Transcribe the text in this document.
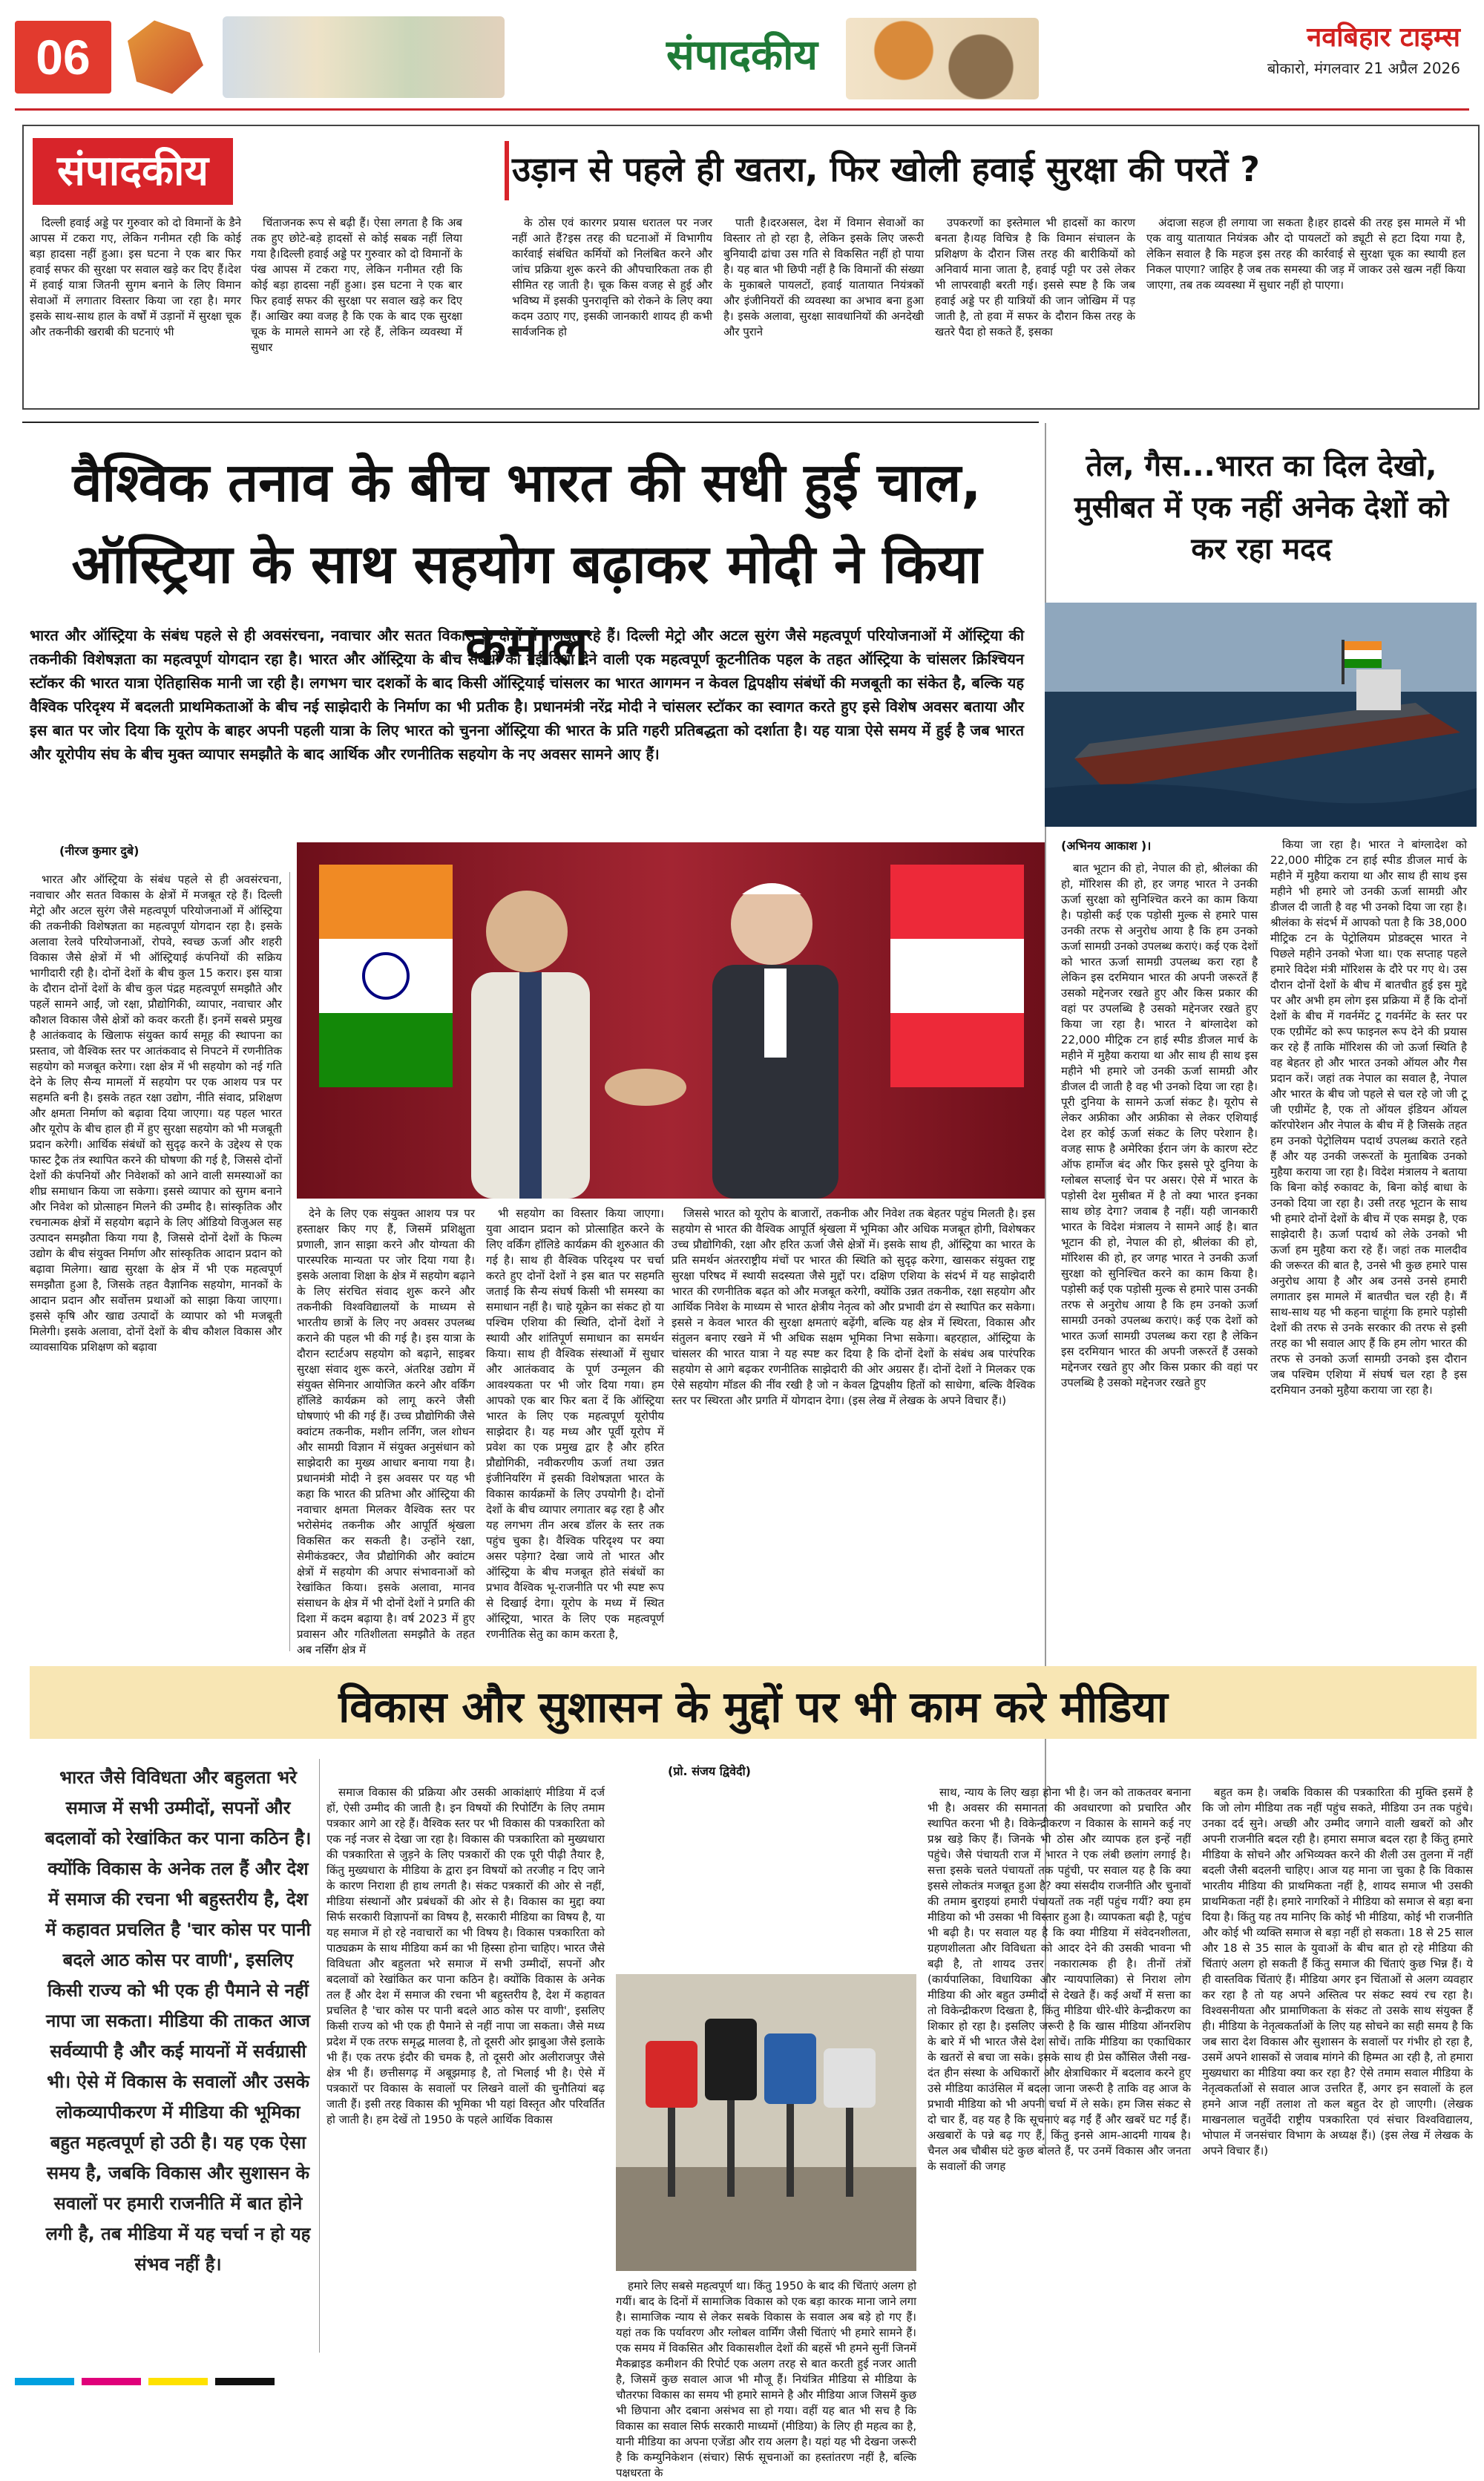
06	संपादकीय	नवबिहार टाइम्स
बोकारो, मंगलवार 21 अप्रैल 2026
संपादकीय	उड़ान से पहले ही खतरा, फिर खोली हवाई सुरक्षा की परतें ?

दिल्ली हवाई अड्डे पर गुरुवार को दो विमानों के डैने आपस में टकरा गए, लेकिन गनीमत रही कि कोई बड़ा हादसा नहीं हुआ। इस घटना ने एक बार फिर हवाई सफर की सुरक्षा पर सवाल खड़े कर दिए हैं।देश में हवाई यात्रा जितनी सुगम बनाने के लिए विमान सेवाओं में लगातार विस्तार किया जा रहा है। मगर इसके साथ-साथ हाल के वर्षों में उड़ानों में सुरक्षा चूक और तकनीकी खराबी की घटनाएं भी

चिंताजनक रूप से बढ़ी हैं। ऐसा लगता है कि अब तक हुए छोटे-बड़े हादसों से कोई सबक नहीं लिया गया है।दिल्ली हवाई अड्डे पर गुरुवार को दो विमानों के पंख आपस में टकरा गए, लेकिन गनीमत रही कि कोई बड़ा हादसा नहीं हुआ। इस घटना ने एक बार फिर हवाई सफर की सुरक्षा पर सवाल खड़े कर दिए हैं। आखिर क्या वजह है कि एक के बाद एक सुरक्षा चूक के मामले सामने आ रहे हैं, लेकिन व्यवस्था में सुधार

के ठोस एवं कारगर प्रयास धरातल पर नजर नहीं आते हैं?इस तरह की घटनाओं में विभागीय कार्रवाई संबंधित कर्मियों को निलंबित करने और जांच प्रक्रिया शुरू करने की औपचारिकता तक ही सीमित रह जाती है। चूक किस वजह से हुई और भविष्य में इसकी पुनरावृत्ति को रोकने के लिए क्या कदम उठाए गए, इसकी जानकारी शायद ही कभी सार्वजनिक हो

पाती है।दरअसल, देश में विमान सेवाओं का विस्तार तो हो रहा है, लेकिन इसके लिए जरूरी बुनियादी ढांचा उस गति से विकसित नहीं हो पाया है। यह बात भी छिपी नहीं है कि विमानों की संख्या के मुकाबले पायलटों, हवाई यातायात नियंत्रकों और इंजीनियरों की व्यवस्था का अभाव बना हुआ है। इसके अलावा, सुरक्षा सावधानियों की अनदेखी और पुराने

उपकरणों का इस्तेमाल भी हादसों का कारण बनता है।यह विचित्र है कि विमान संचालन के प्रशिक्षण के दौरान जिस तरह की बारीकियों को अनिवार्य माना जाता है, हवाई पट्टी पर उसे लेकर भी लापरवाही बरती गई। इससे स्पष्ट है कि जब हवाई अड्डे पर ही यात्रियों की जान जोखिम में पड़ जाती है, तो हवा में सफर के दौरान किस तरह के खतरे पैदा हो सकते हैं, इसका

अंदाजा सहज ही लगाया जा सकता है।हर हादसे की तरह इस मामले में भी एक वायु यातायात नियंत्रक और दो पायलटों को ड्यूटी से हटा दिया गया है, लेकिन सवाल है कि महज इस तरह की कार्रवाई से सुरक्षा चूक का स्थायी हल निकल पाएगा? जाहिर है जब तक समस्या की जड़ में जाकर उसे खत्म नहीं किया जाएगा, तब तक व्यवस्था में सुधार नहीं हो पाएगा।

वैश्विक तनाव के बीच भारत की सधी हुई चाल, ऑस्ट्रिया के साथ सहयोग बढ़ाकर मोदी ने किया कमाल
भारत और ऑस्ट्रिया के संबंध पहले से ही अवसंरचना, नवाचार और सतत विकास के क्षेत्रों में मजबूत रहे हैं। दिल्ली मेट्रो और अटल सुरंग जैसे महत्वपूर्ण परियोजनाओं में ऑस्ट्रिया की तकनीकी विशेषज्ञता का महत्वपूर्ण योगदान रहा है। भारत और ऑस्ट्रिया के बीच संबंधों को नई दिशा देने वाली एक महत्वपूर्ण कूटनीतिक पहल के तहत ऑस्ट्रिया के चांसलर क्रिश्चियन स्टॉकर की भारत यात्रा ऐतिहासिक मानी जा रही है। लगभग चार दशकों के बाद किसी ऑस्ट्रियाई चांसलर का भारत आगमन न केवल द्विपक्षीय संबंधों की मजबूती का संकेत है, बल्कि यह वैश्विक परिदृश्य में बदलती प्राथमिकताओं के बीच नई साझेदारी के निर्माण का भी प्रतीक है। प्रधानमंत्री नरेंद्र मोदी ने चांसलर स्टॉकर का स्वागत करते हुए इसे विशेष अवसर बताया और इस बात पर जोर दिया कि यूरोप के बाहर अपनी पहली यात्रा के लिए भारत को चुनना ऑस्ट्रिया की भारत के प्रति गहरी प्रतिबद्धता को दर्शाता है। यह यात्रा ऐसे समय में हुई है जब भारत और यूरोपीय संघ के बीच मुक्त व्यापार समझौते के बाद आर्थिक और रणनीतिक सहयोग के नए अवसर सामने आए हैं।
(नीरज कुमार दुबे)

भारत और ऑस्ट्रिया के संबंध पहले से ही अवसंरचना, नवाचार और सतत विकास के क्षेत्रों में मजबूत रहे हैं। दिल्ली मेट्रो और अटल सुरंग जैसे महत्वपूर्ण परियोजनाओं में ऑस्ट्रिया की तकनीकी विशेषज्ञता का महत्वपूर्ण योगदान रहा है। इसके अलावा रेलवे परियोजनाओं, रोपवे, स्वच्छ ऊर्जा और शहरी विकास जैसे क्षेत्रों में भी ऑस्ट्रियाई कंपनियों की सक्रिय भागीदारी रही है। दोनों देशों के बीच कुल 15 करार। इस यात्रा के दौरान दोनों देशों के बीच कुल पंद्रह महत्वपूर्ण समझौते और पहलें सामने आईं, जो रक्षा, प्रौद्योगिकी, व्यापार, नवाचार और कौशल विकास जैसे क्षेत्रों को कवर करती हैं। इनमें सबसे प्रमुख है आतंकवाद के खिलाफ संयुक्त कार्य समूह की स्थापना का प्रस्ताव, जो वैश्विक स्तर पर आतंकवाद से निपटने में रणनीतिक सहयोग को मजबूत करेगा। रक्षा क्षेत्र में भी सहयोग को नई गति देने के लिए सैन्य मामलों में सहयोग पर एक आशय पत्र पर सहमति बनी है। इसके तहत रक्षा उद्योग, नीति संवाद, प्रशिक्षण और क्षमता निर्माण को बढ़ावा दिया जाएगा। यह पहल भारत और यूरोप के बीच हाल ही में हुए सुरक्षा सहयोग को भी मजबूती प्रदान करेगी। आर्थिक संबंधों को सुदृढ़ करने के उद्देश्य से एक फास्ट ट्रैक तंत्र स्थापित करने की घोषणा की गई है, जिससे दोनों देशों की कंपनियों और निवेशकों को आने वाली समस्याओं का शीघ्र समाधान किया जा सकेगा। इससे व्यापार को सुगम बनाने और निवेश को प्रोत्साहन मिलने की उम्मीद है। सांस्कृतिक और रचनात्मक क्षेत्रों में सहयोग बढ़ाने के लिए ऑडियो विजुअल सह उत्पादन समझौता किया गया है, जिससे दोनों देशों के फिल्म उद्योग के बीच संयुक्त निर्माण और सांस्कृतिक आदान प्रदान को बढ़ावा मिलेगा। खाद्य सुरक्षा के क्षेत्र में भी एक महत्वपूर्ण समझौता हुआ है, जिसके तहत वैज्ञानिक सहयोग, मानकों के आदान प्रदान और सर्वोत्तम प्रथाओं को साझा किया जाएगा। इससे कृषि और खाद्य उत्पादों के व्यापार को भी मजबूती मिलेगी। इसके अलावा, दोनों देशों के बीच कौशल विकास और व्यावसायिक प्रशिक्षण को बढ़ावा

देने के लिए एक संयुक्त आशय पत्र पर हस्ताक्षर किए गए हैं, जिसमें प्रशिक्षुता प्रणाली, ज्ञान साझा करने और योग्यता की पारस्परिक मान्यता पर जोर दिया गया है। इसके अलावा शिक्षा के क्षेत्र में सहयोग बढ़ाने के लिए संरचित संवाद शुरू करने और तकनीकी विश्वविद्यालयों के माध्यम से भारतीय छात्रों के लिए नए अवसर उपलब्ध कराने की पहल भी की गई है। इस यात्रा के दौरान स्टार्टअप सहयोग को बढ़ाने, साइबर सुरक्षा संवाद शुरू करने, अंतरिक्ष उद्योग में संयुक्त सेमिनार आयोजित करने और वर्किंग हॉलिडे कार्यक्रम को लागू करने जैसी घोषणाएं भी की गई हैं। उच्च प्रौद्योगिकी जैसे क्वांटम तकनीक, मशीन लर्निंग, जल शोधन और सामग्री विज्ञान में संयुक्त अनुसंधान को साझेदारी का मुख्य आधार बनाया गया है। प्रधानमंत्री मोदी ने इस अवसर पर यह भी कहा कि भारत की प्रतिभा और ऑस्ट्रिया की नवाचार क्षमता मिलकर वैश्विक स्तर पर भरोसेमंद तकनीक और आपूर्ति श्रृंखला विकसित कर सकती है। उन्होंने रक्षा, सेमीकंडक्टर, जैव प्रौद्योगिकी और क्वांटम क्षेत्रों में सहयोग की अपार संभावनाओं को रेखांकित किया। इसके अलावा, मानव संसाधन के क्षेत्र में भी दोनों देशों ने प्रगति की दिशा में कदम बढ़ाया है। वर्ष 2023 में हुए प्रवासन और गतिशीलता समझौते के तहत अब नर्सिंग क्षेत्र में

भी सहयोग का विस्तार किया जाएगा। युवा आदान प्रदान को प्रोत्साहित करने के लिए वर्किंग हॉलिडे कार्यक्रम की शुरुआत की गई है। साथ ही वैश्विक परिदृश्य पर चर्चा करते हुए दोनों देशों ने इस बात पर सहमति जताई कि सैन्य संघर्ष किसी भी समस्या का समाधान नहीं है। चाहे यूक्रेन का संकट हो या पश्चिम एशिया की स्थिति, दोनों देशों ने स्थायी और शांतिपूर्ण समाधान का समर्थन किया। साथ ही वैश्विक संस्थाओं में सुधार और आतंकवाद के पूर्ण उन्मूलन की आवश्यकता पर भी जोर दिया गया। हम आपको एक बार फिर बता दें कि ऑस्ट्रिया भारत के लिए एक महत्वपूर्ण यूरोपीय साझेदार है। यह मध्य और पूर्वी यूरोप में प्रवेश का एक प्रमुख द्वार है और हरित प्रौद्योगिकी, नवीकरणीय ऊर्जा तथा उन्नत इंजीनियरिंग में इसकी विशेषज्ञता भारत के विकास कार्यक्रमों के लिए उपयोगी है। दोनों देशों के बीच व्यापार लगातार बढ़ रहा है और यह लगभग तीन अरब डॉलर के स्तर तक पहुंच चुका है। वैश्विक परिदृश्य पर क्या असर पड़ेगा? देखा जाये तो भारत और ऑस्ट्रिया के बीच मजबूत होते संबंधों का प्रभाव वैश्विक भू-राजनीति पर भी स्पष्ट रूप से दिखाई देगा। यूरोप के मध्य में स्थित ऑस्ट्रिया, भारत के लिए एक महत्वपूर्ण रणनीतिक सेतु का काम करता है,

जिससे भारत को यूरोप के बाजारों, तकनीक और निवेश तक बेहतर पहुंच मिलती है। इस सहयोग से भारत की वैश्विक आपूर्ति श्रृंखला में भूमिका और अधिक मजबूत होगी, विशेषकर उच्च प्रौद्योगिकी, रक्षा और हरित ऊर्जा जैसे क्षेत्रों में। इसके साथ ही, ऑस्ट्रिया का भारत के प्रति समर्थन अंतरराष्ट्रीय मंचों पर भारत की स्थिति को सुदृढ़ करेगा, खासकर संयुक्त राष्ट्र सुरक्षा परिषद में स्थायी सदस्यता जैसे मुद्दों पर। दक्षिण एशिया के संदर्भ में यह साझेदारी भारत की रणनीतिक बढ़त को और मजबूत करेगी, क्योंकि उन्नत तकनीक, रक्षा सहयोग और आर्थिक निवेश के माध्यम से भारत क्षेत्रीय नेतृत्व को और प्रभावी ढंग से स्थापित कर सकेगा। इससे न केवल भारत की सुरक्षा क्षमताएं बढ़ेंगी, बल्कि यह क्षेत्र में स्थिरता, विकास और संतुलन बनाए रखने में भी अधिक सक्षम भूमिका निभा सकेगा। बहरहाल, ऑस्ट्रिया के चांसलर की भारत यात्रा ने यह स्पष्ट कर दिया है कि दोनों देशों के संबंध अब पारंपरिक सहयोग से आगे बढ़कर रणनीतिक साझेदारी की ओर अग्रसर हैं। दोनों देशों ने मिलकर एक ऐसे सहयोग मॉडल की नींव रखी है जो न केवल द्विपक्षीय हितों को साधेगा, बल्कि वैश्विक स्तर पर स्थिरता और प्रगति में योगदान देगा। (इस लेख में लेखक के अपने विचार हैं।)

तेल, गैस...भारत का दिल देखो, मुसीबत में एक नहीं अनेक देशों को कर रहा मदद
(अभिनय आकाश )।

बात भूटान की हो, नेपाल की हो, श्रीलंका की हो, मॉरिशस की हो, हर जगह भारत ने उनकी ऊर्जा सुरक्षा को सुनिश्चित करने का काम किया है। पड़ोसी कई एक पड़ोसी मुल्क से हमारे पास उनकी तरफ से अनुरोध आया है कि हम उनको ऊर्जा सामग्री उनको उपलब्ध कराएं। कई एक देशों को भारत ऊर्जा सामग्री उपलब्ध करा रहा है लेकिन इस दरमियान भारत की अपनी जरूरतें हैं उसको मद्देनजर रखते हुए और किस प्रकार की वहां पर उपलब्धि है उसको मद्देनजर रखते हुए किया जा रहा है। भारत ने बांग्लादेश को 22,000 मीट्रिक टन हाई स्पीड डीजल मार्च के महीने में मुहैया कराया था और साथ ही साथ इस महीने भी हमारे जो उनकी ऊर्जा सामग्री और डीजल दी जाती है वह भी उनको दिया जा रहा है। पूरी दुनिया के सामने ऊर्जा संकट है। यूरोप से लेकर अफ्रीका और अफ्रीका से लेकर एशियाई देश हर कोई ऊर्जा संकट के लिए परेशान है। वजह साफ है अमेरिका ईरान जंग के कारण स्टेट ऑफ हार्मोज बंद और फिर इससे पूरे दुनिया के ग्लोबल सप्लाई चेन पर असर। ऐसे में भारत के पड़ोसी देश मुसीबत में है तो क्या भारत इनका साथ छोड़ देगा? जवाब है नहीं। यही जानकारी भारत के विदेश मंत्रालय ने सामने आई है। बात भूटान की हो, नेपाल की हो, श्रीलंका की हो, मॉरिशस की हो, हर जगह भारत ने उनकी ऊर्जा सुरक्षा को सुनिश्चित करने का काम किया है। पड़ोसी कई एक पड़ोसी मुल्क से हमारे पास उनकी तरफ से अनुरोध आया है कि हम उनको ऊर्जा सामग्री उनको उपलब्ध कराएं। कई एक देशों को भारत ऊर्जा सामग्री उपलब्ध करा रहा है लेकिन इस दरमियान भारत की अपनी जरूरतें हैं उसको मद्देनजर रखते हुए और किस प्रकार की वहां पर उपलब्धि है उसको मद्देनजर रखते हुए

किया जा रहा है। भारत ने बांग्लादेश को 22,000 मीट्रिक टन हाई स्पीड डीजल मार्च के महीने में मुहैया कराया था और साथ ही साथ इस महीने भी हमारे जो उनकी ऊर्जा सामग्री और डीजल दी जाती है वह भी उनको दिया जा रहा है। श्रीलंका के संदर्भ में आपको पता है कि 38,000 मीट्रिक टन के पेट्रोलियम प्रोडक्ट्स भारत ने पिछले महीने उनको भेजा था। एक सप्ताह पहले हमारे विदेश मंत्री मॉरिशस के दौरे पर गए थे। उस दौरान दोनों देशों के बीच में बातचीत हुई इस मुद्दे पर और अभी हम लोग इस प्रक्रिया में हैं कि दोनों देशों के बीच में गवर्नमेंट टू गवर्नमेंट के स्तर पर एक एग्रीमेंट को रूप फाइनल रूप देने की प्रयास कर रहे हैं ताकि मॉरिशस की जो ऊर्जा स्थिति है वह बेहतर हो और भारत उनको ऑयल और गैस प्रदान करें। जहां तक नेपाल का सवाल है, नेपाल और भारत के बीच जो पहले से चल रहे जो जी टू जी एग्रीमेंट है, एक तो ऑयल इंडियन ऑयल कॉरपोरेशन और नेपाल के बीच में है जिसके तहत हम उनको पेट्रोलियम पदार्थ उपलब्ध कराते रहते हैं और यह उनकी जरूरतों के मुताबिक उनको मुहैया कराया जा रहा है। विदेश मंत्रालय ने बताया कि बिना कोई रुकावट के, बिना कोई बाधा के उनको दिया जा रहा है। उसी तरह भूटान के साथ भी हमारे दोनों देशों के बीच में एक समझ है, एक साझेदारी है। ऊर्जा पदार्थ को लेके उनको भी ऊर्जा हम मुहैया करा रहे हैं। जहां तक मालदीव की जरूरत की बात है, उनसे भी कुछ हमारे पास अनुरोध आया है और अब उनसे उनसे हमारी लगातार इस मामले में बातचीत चल रही है। मैं साथ-साथ यह भी कहना चाहूंगा कि हमारे पड़ोसी देशों की तरफ से उनके सरकार की तरफ से इसी तरह का भी सवाल आए हैं कि हम लोग भारत की तरफ से उनको ऊर्जा सामग्री उनको इस दौरान जब पश्चिम एशिया में संघर्ष चल रहा है इस दरमियान उनको मुहैया कराया जा रहा है।

विकास और सुशासन के मुद्दों पर भी काम करे मीडिया
भारत जैसे विविधता और बहुलता भरे समाज में सभी उम्मीदों, सपनों और बदलावों को रेखांकित कर पाना कठिन है। क्योंकि विकास के अनेक तल हैं और देश में समाज की रचना भी बहुस्तरीय है, देश में कहावत प्रचलित है 'चार कोस पर पानी बदले आठ कोस पर वाणी', इसलिए किसी राज्य को भी एक ही पैमाने से नहीं नापा जा सकता। मीडिया की ताकत आज सर्वव्यापी है और कई मायनों में सर्वग्रासी भी। ऐसे में विकास के सवालों और उसके लोकव्यापीकरण में मीडिया की भूमिका बहुत महत्वपूर्ण हो उठी है। यह एक ऐसा समय है, जबकि विकास और सुशासन के सवालों पर हमारी राजनीति में बात होने लगी है, तब मीडिया में यह चर्चा न हो यह संभव नहीं है।
(प्रो. संजय द्विवेदी)

समाज विकास की प्रक्रिया और उसकी आकांक्षाएं मीडिया में दर्ज हों, ऐसी उम्मीद की जाती है। इन विषयों की रिपोर्टिंग के लिए तमाम पत्रकार आगे आ रहे हैं। वैश्विक स्तर पर भी विकास की पत्रकारिता को एक नई नजर से देखा जा रहा है। विकास की पत्रकारिता को मुख्यधारा की पत्रकारिता से जुड़ने के लिए पत्रकारों की एक पूरी पीढ़ी तैयार है, किंतु मुख्यधारा के मीडिया के द्वारा इन विषयों को तरजीह न दिए जाने के कारण निराशा ही हाथ लगती है। संकट पत्रकारों की ओर से नहीं, मीडिया संस्थानों और प्रबंधकों की ओर से है। विकास का मुद्दा क्या सिर्फ सरकारी विज्ञापनों का विषय है, सरकारी मीडिया का विषय है, या यह समाज में हो रहे नवाचारों का भी विषय है। विकास पत्रकारिता को पाठ्यक्रम के साथ मीडिया कर्म का भी हिस्सा होना चाहिए। भारत जैसे विविधता और बहुलता भरे समाज में सभी उम्मीदों, सपनों और बदलावों को रेखांकित कर पाना कठिन है। क्योंकि विकास के अनेक तल हैं और देश में समाज की रचना भी बहुस्तरीय है, देश में कहावत प्रचलित है 'चार कोस पर पानी बदले आठ कोस पर वाणी', इसलिए किसी राज्य को भी एक ही पैमाने से नहीं नापा जा सकता। जैसे मध्य प्रदेश में एक तरफ समृद्ध मालवा है, तो दूसरी ओर झाबुआ जैसे इलाके भी हैं। एक तरफ इंदौर की चमक है, तो दूसरी ओर अलीराजपुर जैसे क्षेत्र भी हैं। छत्तीसगढ़ में अबूझमाड़ है, तो भिलाई भी है। ऐसे में पत्रकारों पर विकास के सवालों पर लिखने वालों की चुनौतियां बढ़ जाती हैं। इसी तरह विकास की भूमिका भी यहां विस्तृत और परिवर्तित हो जाती है। हम देखें तो 1950 के पहले आर्थिक विकास

हमारे लिए सबसे महत्वपूर्ण था। किंतु 1950 के बाद की चिंताएं अलग हो गयीं। बाद के दिनों में सामाजिक विकास को एक बड़ा कारक माना जाने लगा है। सामाजिक न्याय से लेकर सबके विकास के सवाल अब बड़े हो गए हैं। यहां तक कि पर्यावरण और ग्लोबल वार्मिंग जैसी चिंताएं भी हमारे सामने हैं। एक समय में विकसित और विकासशील देशों की बहसें भी हमने सुनीं जिनमें मैकब्राइड कमीशन की रिपोर्ट एक अलग तरह से बात करती हुई नजर आती है, जिसमें कुछ सवाल आज भी मौजू हैं। नियंत्रित मीडिया से मीडिया के चौतरफा विकास का समय भी हमारे सामने है और मीडिया आज जिसमें कुछ भी छिपाना और दबाना असंभव सा हो गया। वहीं यह बात भी सच है कि विकास का सवाल सिर्फ सरकारी माध्यमों (मीडिया) के लिए ही महत्व का है, यानी मीडिया का अपना एजेंडा और राय अलग है। यहां यह भी देखना जरूरी है कि कम्युनिकेशन (संचार) सिर्फ सूचनाओं का हस्तांतरण नहीं है, बल्कि पक्षधरता के

साथ, न्याय के लिए खड़ा होना भी है। जन को ताकतवर बनाना भी है। अवसर की समानता की अवधारणा को प्रचारित और स्थापित करना भी है। विकेन्द्रीकरण न विकास के सामने कई नए प्रश्न खड़े किए हैं। जिनके भी ठोस और व्यापक हल इन्हें नहीं पहुंचे। जैसे पंचायती राज में भारत ने एक लंबी छलांग लगाई है। सत्ता इसके चलते पंचायतों तक पहुंची, पर सवाल यह है कि क्या इससे लोकतंत्र मजबूत हुआ है? क्या संसदीय राजनीति और चुनावों की तमाम बुराइयां हमारी पंचायतों तक नहीं पहुंच गयीं? क्या हम मीडिया को भी उसका भी विस्तार हुआ है। व्यापकता बढ़ी है, पहुंच भी बढ़ी है। पर सवाल यह है कि क्या मीडिया में संवेदनशीलता, ग्रहणशीलता और विविधता को आदर देने की उसकी भावना भी बढ़ी है, तो शायद उत्तर नकारात्मक ही है। तीनों तंत्रों (कार्यपालिका, विधायिका और न्यायपालिका) से निराश लोग मीडिया की ओर बहुत उम्मीदों से देखते हैं। कई अर्थों में सत्ता का तो विकेन्द्रीकरण दिखता है, किंतु मीडिया धीरे-धीरे केन्द्रीकरण का शिकार हो रहा है। इसलिए जरूरी है कि खास मीडिया ऑनरशिप के बारे में भी भारत जैसे देश सोचें। ताकि मीडिया का एकाधिकार के खतरों से बचा जा सके। इसके साथ ही प्रेस कौंसिल जैसी नख-दंत हीन संस्था के अधिकारों और क्षेत्राधिकार में बदलाव करने हुए उसे मीडिया काउंसिल में बदला जाना जरूरी है ताकि वह आज के प्रभावी मीडिया को भी अपनी चर्चा में ले सके। हम जिस संकट से दो चार हैं, वह यह है कि सूचनाएं बढ़ गईं हैं और खबरें घट गईं हैं। अखबारों के पन्ने बढ़ गए हैं, किंतु इनसे आम-आदमी गायब है। चैनल अब चौबीस घंटे कुछ बोलते हैं, पर उनमें विकास और जनता के सवालों की जगह

बहुत कम है। जबकि विकास की पत्रकारिता की मुक्ति इसमें है कि जो लोग मीडिया तक नहीं पहुंच सकते, मीडिया उन तक पहुंचे। उनका दर्द सुने। अच्छी और उम्मीद जगाने वाली खबरों को और अपनी राजनीति बदल रही है। हमारा समाज बदल रहा है किंतु हमारे मीडिया के सोचने और अभिव्यक्त करने की शैली उस तुलना में नहीं बदली जैसी बदलनी चाहिए। आज यह माना जा चुका है कि विकास भारतीय मीडिया की प्राथमिकता नहीं है, शायद समाज भी उसकी प्राथमिकता नहीं है। हमारे नागरिकों ने मीडिया को समाज से बड़ा बना दिया है। किंतु यह तय मानिए कि कोई भी मीडिया, कोई भी राजनीति और कोई भी व्यक्ति समाज से बड़ा नहीं हो सकता। 18 से 25 साल और 18 से 35 साल के युवाओं के बीच बात हो रहे मीडिया की चिंताएं अलग हो सकती हैं किंतु समाज की चिंताएं कुछ भिन्न हैं। ये ही वास्तविक चिंताएं हैं। मीडिया अगर इन चिंताओं से अलग व्यवहार कर रहा है तो यह अपने अस्तित्व पर संकट स्वयं रच रहा है। विश्वसनीयता और प्रामाणिकता के संकट तो उसके साथ संयुक्त हैं ही। मीडिया के नेतृत्वकर्ताओं के लिए यह सोचने का सही समय है कि जब सारा देश विकास और सुशासन के सवालों पर गंभीर हो रहा है, उसमें अपने शासकों से जवाब मांगने की हिम्मत आ रही है, तो हमारा मुख्यधारा का मीडिया क्या कर रहा है? ऐसे तमाम सवाल मीडिया के नेतृत्वकर्ताओं से सवाल आज उत्तरित हैं, अगर इन सवालों के हल हमने आज नहीं तलाश तो कल बहुत देर हो जाएगी। (लेखक माखनलाल चतुर्वेदी राष्ट्रीय पत्रकारिता एवं संचार विश्वविद्यालय, भोपाल में जनसंचार विभाग के अध्यक्ष हैं।) (इस लेख में लेखक के अपने विचार हैं।)
